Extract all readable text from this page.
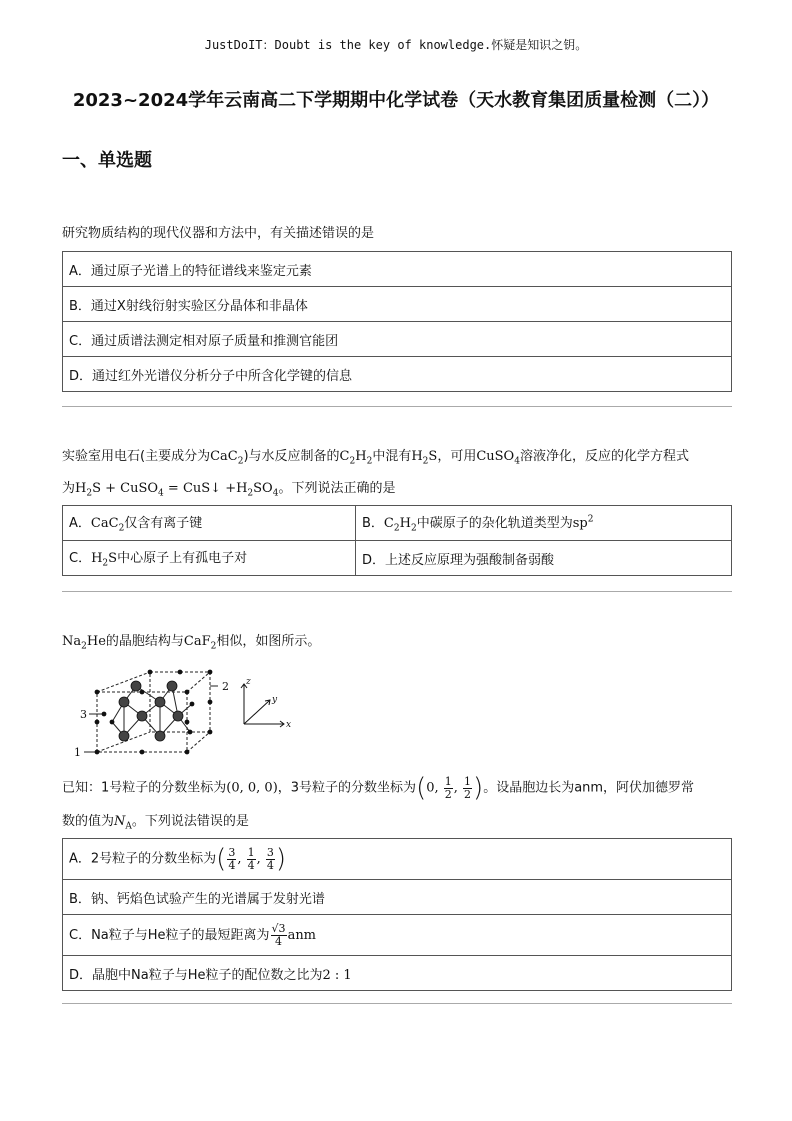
JustDoIT：Doubt is the key of knowledge.怀疑是知识之钥。
2023~2024学年云南高二下学期期中化学试卷（天水教育集团质量检测（二））
一、单选题
研究物质结构的现代仪器和方法中，有关描述错误的是
A．通过原子光谱上的特征谱线来鉴定元素
B．通过X射线衍射实验区分晶体和非晶体
C．通过质谱法测定相对原子质量和推测官能团
D．通过红外光谱仪分析分子中所含化学键的信息
实验室用电石(主要成分为CaC$_2$)与水反应制备的$C_2H_2$中混有$H_2S$，可用CuSO$_4$溶液净化，反应的化学方程式
为$H_2S$ + CuSO$_4$ = CuS↓ $+H_2SO_4$。下列说法正确的是
A．CaC$_2$仅含有离子键	B．$C_2H_2$中碳原子的杂化轨道类型为$sp^2$
C．$H_2S$中心原子上有孤电子对	D．上述反应原理为强酸制备弱酸
$Na_2He$的晶胞结构与CaF$_2$相似，如图所示。
2
3
1
z
y
x
已知：1号粒子的分数坐标为(0, 0, 0)，3号粒子的分数坐标为(0, $\frac{1}{2}$ , $\frac{1}{2}$ )。设晶胞边长为anm，阿伏加德罗常
数的值为$N_A$。下列说法错误的是
A．2号粒子的分数坐标为( $\frac{3}{4}$ , $\frac{1}{4}$ , $\frac{3}{4}$ )
B．钠、钙焰色试验产生的光谱属于发射光谱
C．Na粒子与He粒子的最短距离为 $\frac{√3}{4}$ anm
D．晶胞中Na粒子与He粒子的配位数之比为2 : 1
